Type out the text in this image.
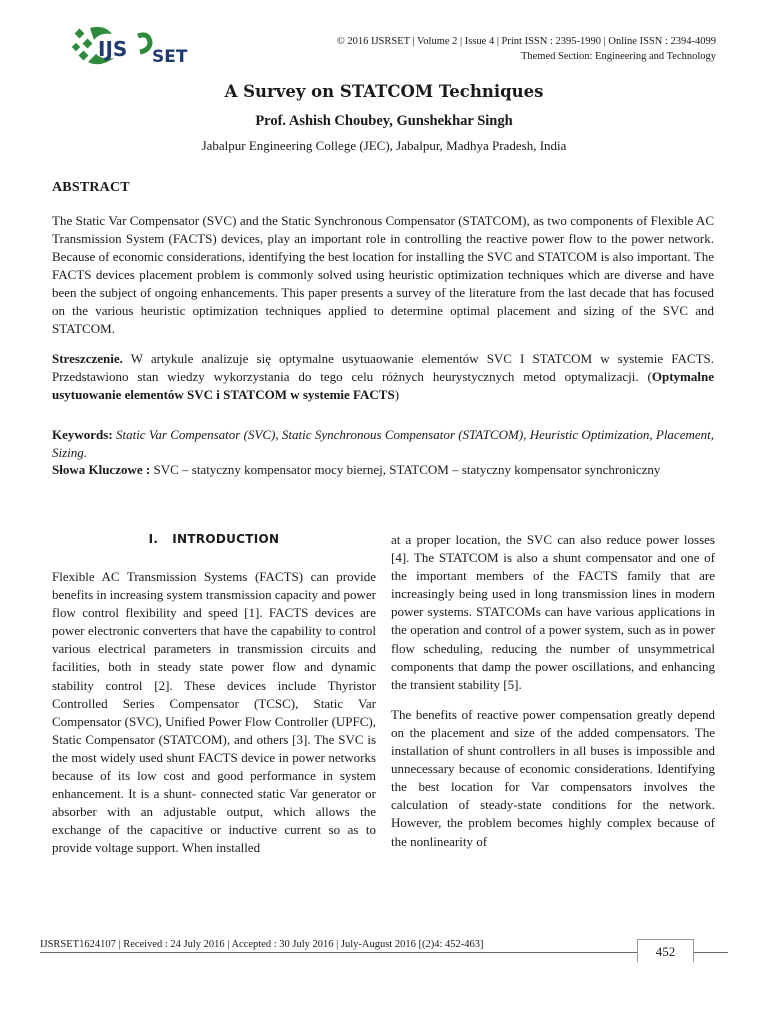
IJS SET
© 2016 IJSRSET | Volume 2 | Issue 4 | Print ISSN : 2395-1990 | Online ISSN : 2394-4099
Themed Section: Engineering and Technology
A Survey on STATCOM Techniques
Prof. Ashish Choubey, Gunshekhar Singh
Jabalpur Engineering College (JEC), Jabalpur, Madhya Pradesh, India
ABSTRACT
The Static Var Compensator (SVC) and the Static Synchronous Compensator (STATCOM), as two components of Flexible AC Transmission System (FACTS) devices, play an important role in controlling the reactive power flow to the power network. Because of economic considerations, identifying the best location for installing the SVC and STATCOM is also important. The FACTS devices placement problem is commonly solved using heuristic optimization techniques which are diverse and have been the subject of ongoing enhancements. This paper presents a survey of the literature from the last decade that has focused on the various heuristic optimization techniques applied to determine optimal placement and sizing of the SVC and STATCOM.
Streszczenie. W artykule analizuje się optymalne usytuaowanie elementów SVC I STATCOM w systemie FACTS. Przedstawiono stan wiedzy wykorzystania do tego celu różnych heurystycznych metod optymalizacji. (Optymalne usytuowanie elementów SVC i STATCOM w systemie FACTS)
Keywords: Static Var Compensator (SVC), Static Synchronous Compensator (STATCOM), Heuristic Optimization, Placement, Sizing.
Słowa Kluczowe : SVC – statyczny kompensator mocy biernej, STATCOM – statyczny kompensator synchroniczny
I. INTRODUCTION

Flexible AC Transmission Systems (FACTS) can provide benefits in increasing system transmission capacity and power flow control flexibility and speed [1]. FACTS devices are power electronic converters that have the capability to control various electrical parameters in transmission circuits and facilities, both in steady state power flow and dynamic stability control [2]. These devices include Thyristor Controlled Series Compensator (TCSC), Static Var Compensator (SVC), Unified Power Flow Controller (UPFC), Static Compensator (STATCOM), and others [3]. The SVC is the most widely used shunt FACTS device in power networks because of its low cost and good performance in system enhancement. It is a shunt- connected static Var generator or absorber with an adjustable output, which allows the exchange of the capacitive or inductive current so as to provide voltage support. When installed

at a proper location, the SVC can also reduce power losses [4]. The STATCOM is also a shunt compensator and one of the important members of the FACTS family that are increasingly being used in long transmission lines in modern power systems. STATCOMs can have various applications in the operation and control of a power system, such as in power flow scheduling, reducing the number of unsymmetrical components that damp the power oscillations, and enhancing the transient stability [5].

The benefits of reactive power compensation greatly depend on the placement and size of the added compensators. The installation of shunt controllers in all buses is impossible and unnecessary because of economic considerations. Identifying the best location for Var compensators involves the calculation of steady-state conditions for the network. However, the problem becomes highly complex because of the nonlinearity of

IJSRSET1624107 | Received : 24 July 2016 | Accepted : 30 July 2016 | July-August 2016 [(2)4: 452-463]	452
